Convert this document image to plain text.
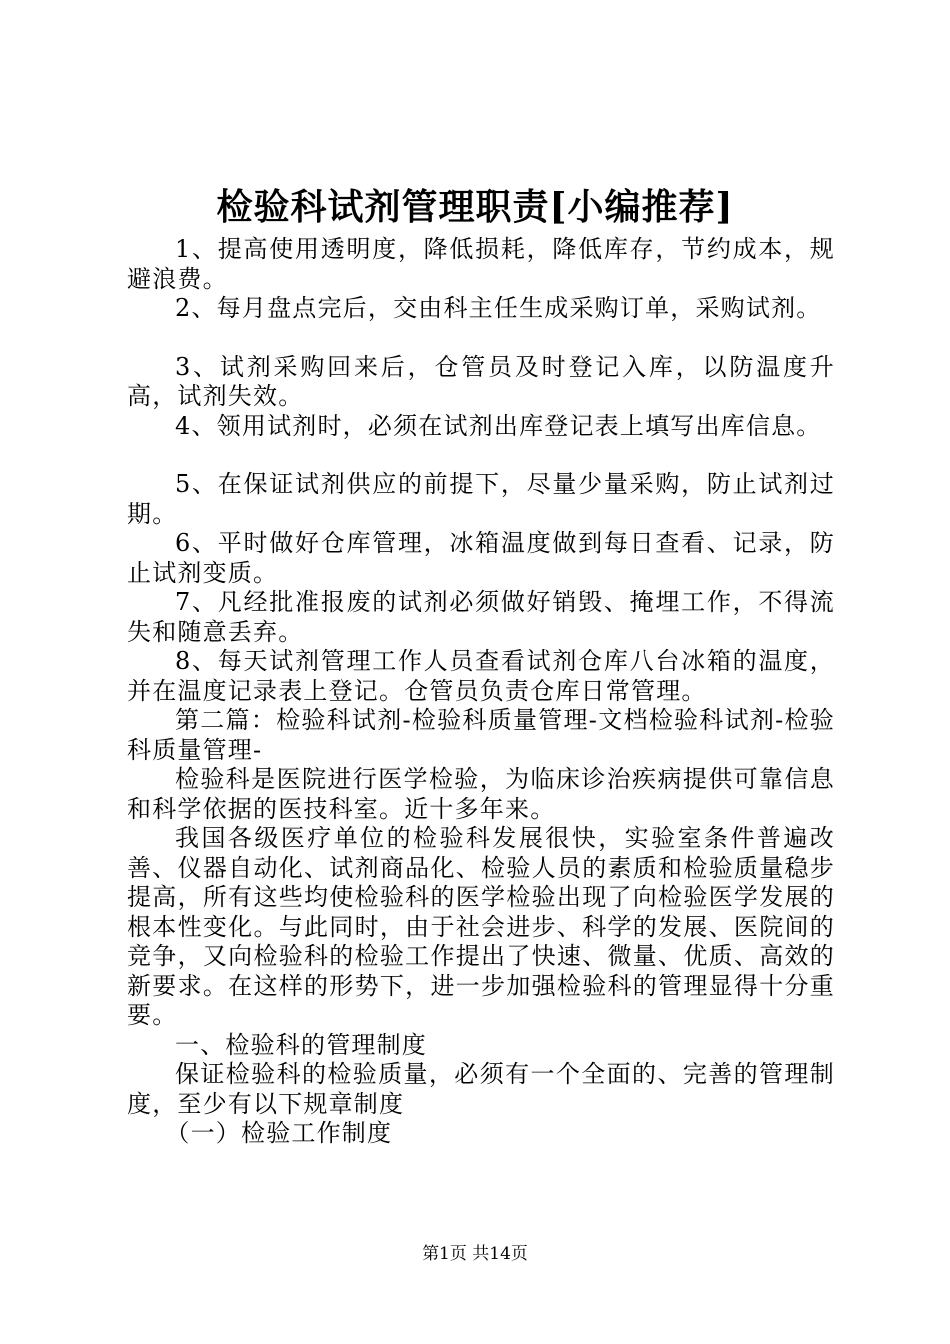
检验科试剂管理职责[小编推荐]

1、提高使用透明度，降低损耗，降低库存，节约成本，规避浪费。

2、每月盘点完后，交由科主任生成采购订单，采购试剂。

3、试剂采购回来后，仓管员及时登记入库，以防温度升高，试剂失效。

4、领用试剂时，必须在试剂出库登记表上填写出库信息。

5、在保证试剂供应的前提下，尽量少量采购，防止试剂过期。

6、平时做好仓库管理，冰箱温度做到每日查看、记录，防止试剂变质。

7、凡经批准报废的试剂必须做好销毁、掩埋工作，不得流失和随意丢弃。

8、每天试剂管理工作人员查看试剂仓库八台冰箱的温度，并在温度记录表上登记。仓管员负责仓库日常管理。

第二篇：检验科试剂-检验科质量管理-文档检验科试剂-检验科质量管理-

检验科是医院进行医学检验，为临床诊治疾病提供可靠信息和科学依据的医技科室。近十多年来。

我国各级医疗单位的检验科发展很快，实验室条件普遍改善、仪器自动化、试剂商品化、检验人员的素质和检验质量稳步提高，所有这些均使检验科的医学检验出现了向检验医学发展的根本性变化。与此同时，由于社会进步、科学的发展、医院间的竞争，又向检验科的检验工作提出了快速、微量、优质、高效的新要求。在这样的形势下，进一步加强检验科的管理显得十分重要。

一、检验科的管理制度

保证检验科的检验质量，必须有一个全面的、完善的管理制度，至少有以下规章制度

（一）检验工作制度

第1页 共14页
